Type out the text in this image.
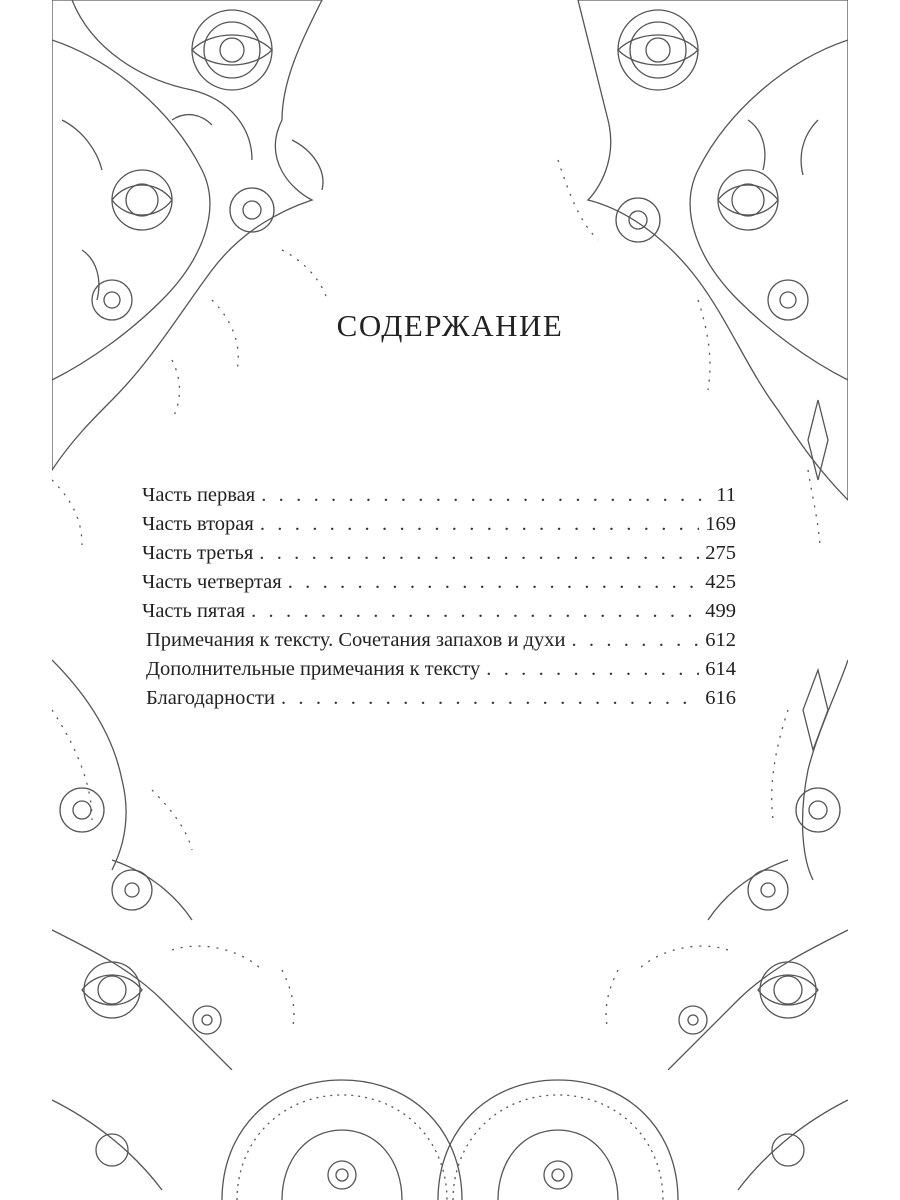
СОДЕРЖАНИЕ
Часть первая . . .	11
Часть вторая . . .	169
Часть третья . . .	275
Часть четвертая . . .	425
Часть пятая . . .	499
Примечания к тексту. Сочетания запахов и духи . . .	612
Дополнительные примечания к тексту . . .	614
Благодарности . . .	616
